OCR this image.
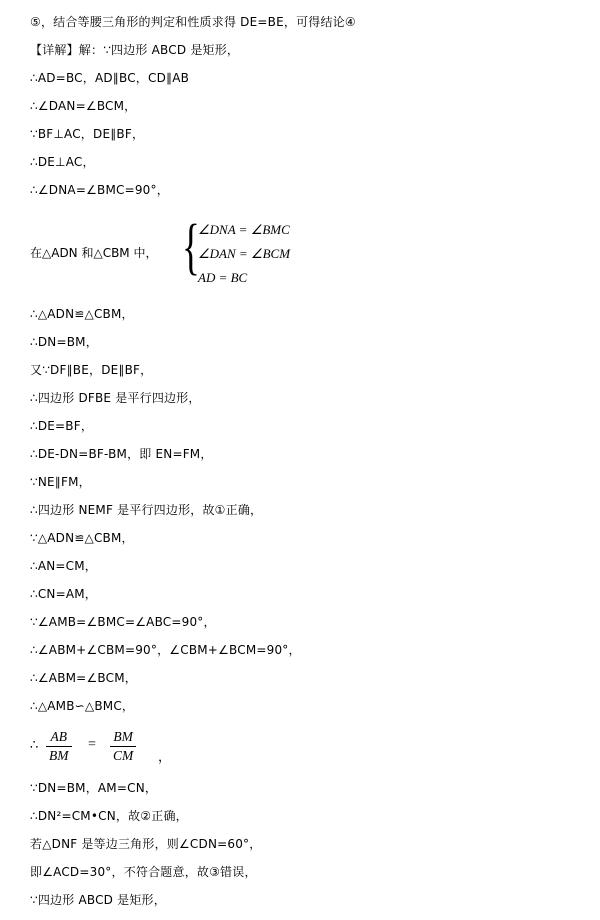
⑤，结合等腰三角形的判定和性质求得 DE=BE，可得结论④
【详解】解：∵四边形 ABCD 是矩形，
∴AD=BC，AD∥BC，CD∥AB
∴∠DAN=∠BCM，
∵BF⊥AC，DE∥BF，
∴DE⊥AC，
∴∠DNA=∠BMC=90°，
在△ADN 和△CBM 中， {
∠DNA = ∠BMC
∠DAN = ∠BCM
AD = BC
∴△ADN≌△CBM，
∴DN=BM，
又∵DF∥BE，DE∥BF，
∴四边形 DFBE 是平行四边形，
∴DE=BF，
∴DE-DN=BF-BM，即 EN=FM，
∵NE∥FM，
∴四边形 NEMF 是平行四边形，故①正确，
∵△ADN≌△CBM，
∴AN=CM，
∴CN=AM，
∵∠AMB=∠BMC=∠ABC=90°，
∴∠ABM+∠CBM=90°，∠CBM+∠BCM=90°，
∴∠ABM=∠BCM，
∴△AMB∽△BMC，
∴ $\frac{AB}{BM} = \frac{BM}{CM}$ ，
∵DN=BM，AM=CN，
∴DN²=CM•CN，故②正确，
若△DNF 是等边三角形，则∠CDN=60°，
即∠ACD=30°，不符合题意，故③错误，
∵四边形 ABCD 是矩形，
